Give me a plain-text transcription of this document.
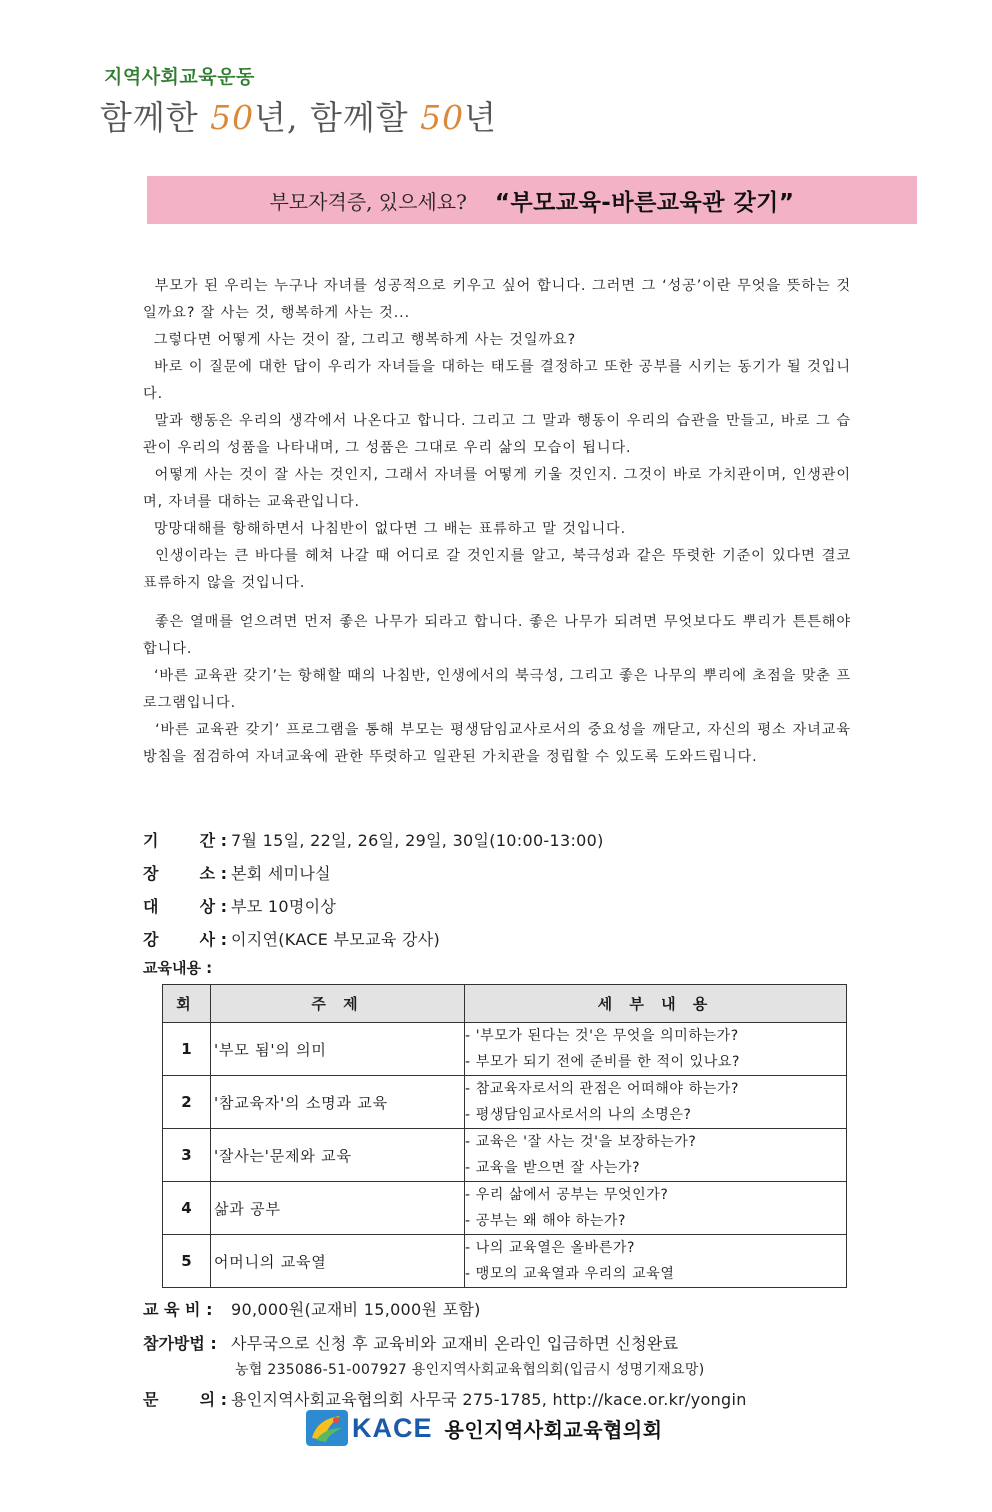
지역사회교육운동
함께한 50년, 함께할 50년
부모자격증, 있으세요? “부모교육-바른교육관 갖기”

부모가 된 우리는 누구나 자녀를 성공적으로 키우고 싶어 합니다. 그러면 그 ‘성공’이란 무엇을 뜻하는 것일까요? 잘 사는 것, 행복하게 사는 것...

그렇다면 어떻게 사는 것이 잘, 그리고 행복하게 사는 것일까요?

바로 이 질문에 대한 답이 우리가 자녀들을 대하는 태도를 결정하고 또한 공부를 시키는 동기가 될 것입니다.

말과 행동은 우리의 생각에서 나온다고 합니다. 그리고 그 말과 행동이 우리의 습관을 만들고, 바로 그 습관이 우리의 성품을 나타내며, 그 성품은 그대로 우리 삶의 모습이 됩니다.

어떻게 사는 것이 잘 사는 것인지, 그래서 자녀를 어떻게 키울 것인지. 그것이 바로 가치관이며, 인생관이며, 자녀를 대하는 교육관입니다.

망망대해를 항해하면서 나침반이 없다면 그 배는 표류하고 말 것입니다.

인생이라는 큰 바다를 헤쳐 나갈 때 어디로 갈 것인지를 알고, 북극성과 같은 뚜렷한 기준이 있다면 결코 표류하지 않을 것입니다.

좋은 열매를 얻으려면 먼저 좋은 나무가 되라고 합니다. 좋은 나무가 되려면 무엇보다도 뿌리가 튼튼해야 합니다.

‘바른 교육관 갖기’는 항해할 때의 나침반, 인생에서의 북극성, 그리고 좋은 나무의 뿌리에 초점을 맞춘 프로그램입니다.

‘바른 교육관 갖기’ 프로그램을 통해 부모는 평생담임교사로서의 중요성을 깨닫고, 자신의 평소 자녀교육 방침을 점검하여 자녀교육에 관한 뚜렷하고 일관된 가치관을 정립할 수 있도록 도와드립니다.

기	간 : 7월 15일, 22일, 26일, 29일, 30일(10:00-13:00)
장	소 : 본회 세미나실
대	상 : 부모 10명이상
강	사 : 이지연(KACE 부모교육 강사)
교육내용 :
회	주 제	세 부 내 용
1	'부모 됨'의 의미	- '부모가 된다는 것'은 무엇을 의미하는가?
- 부모가 되기 전에 준비를 한 적이 있나요?

2	'참교육자'의 소명과 교육	- 참교육자로서의 관점은 어떠해야 하는가?
- 평생담임교사로서의 나의 소명은?

3	'잘사는'문제와 교육	- 교육은 '잘 사는 것'을 보장하는가?
- 교육을 받으면 잘 사는가?

4	삶과 공부	- 우리 삶에서 공부는 무엇인가?
- 공부는 왜 해야 하는가?

5	어머니의 교육열	- 나의 교육열은 올바른가?
- 맹모의 교육열과 우리의 교육열
교 육 비 :	90,000원(교재비 15,000원 포함)
참가방법 : 사무국으로 신청 후 교육비와 교재비 온라인 입금하면 신청완료
농협 235086-51-007927 용인지역사회교육협의회(입금시 성명기재요망)
문	의 : 용인지역사회교육협의회 사무국 275-1785, http://kace.or.kr/yongin
KACE 용인지역사회교육협의회
